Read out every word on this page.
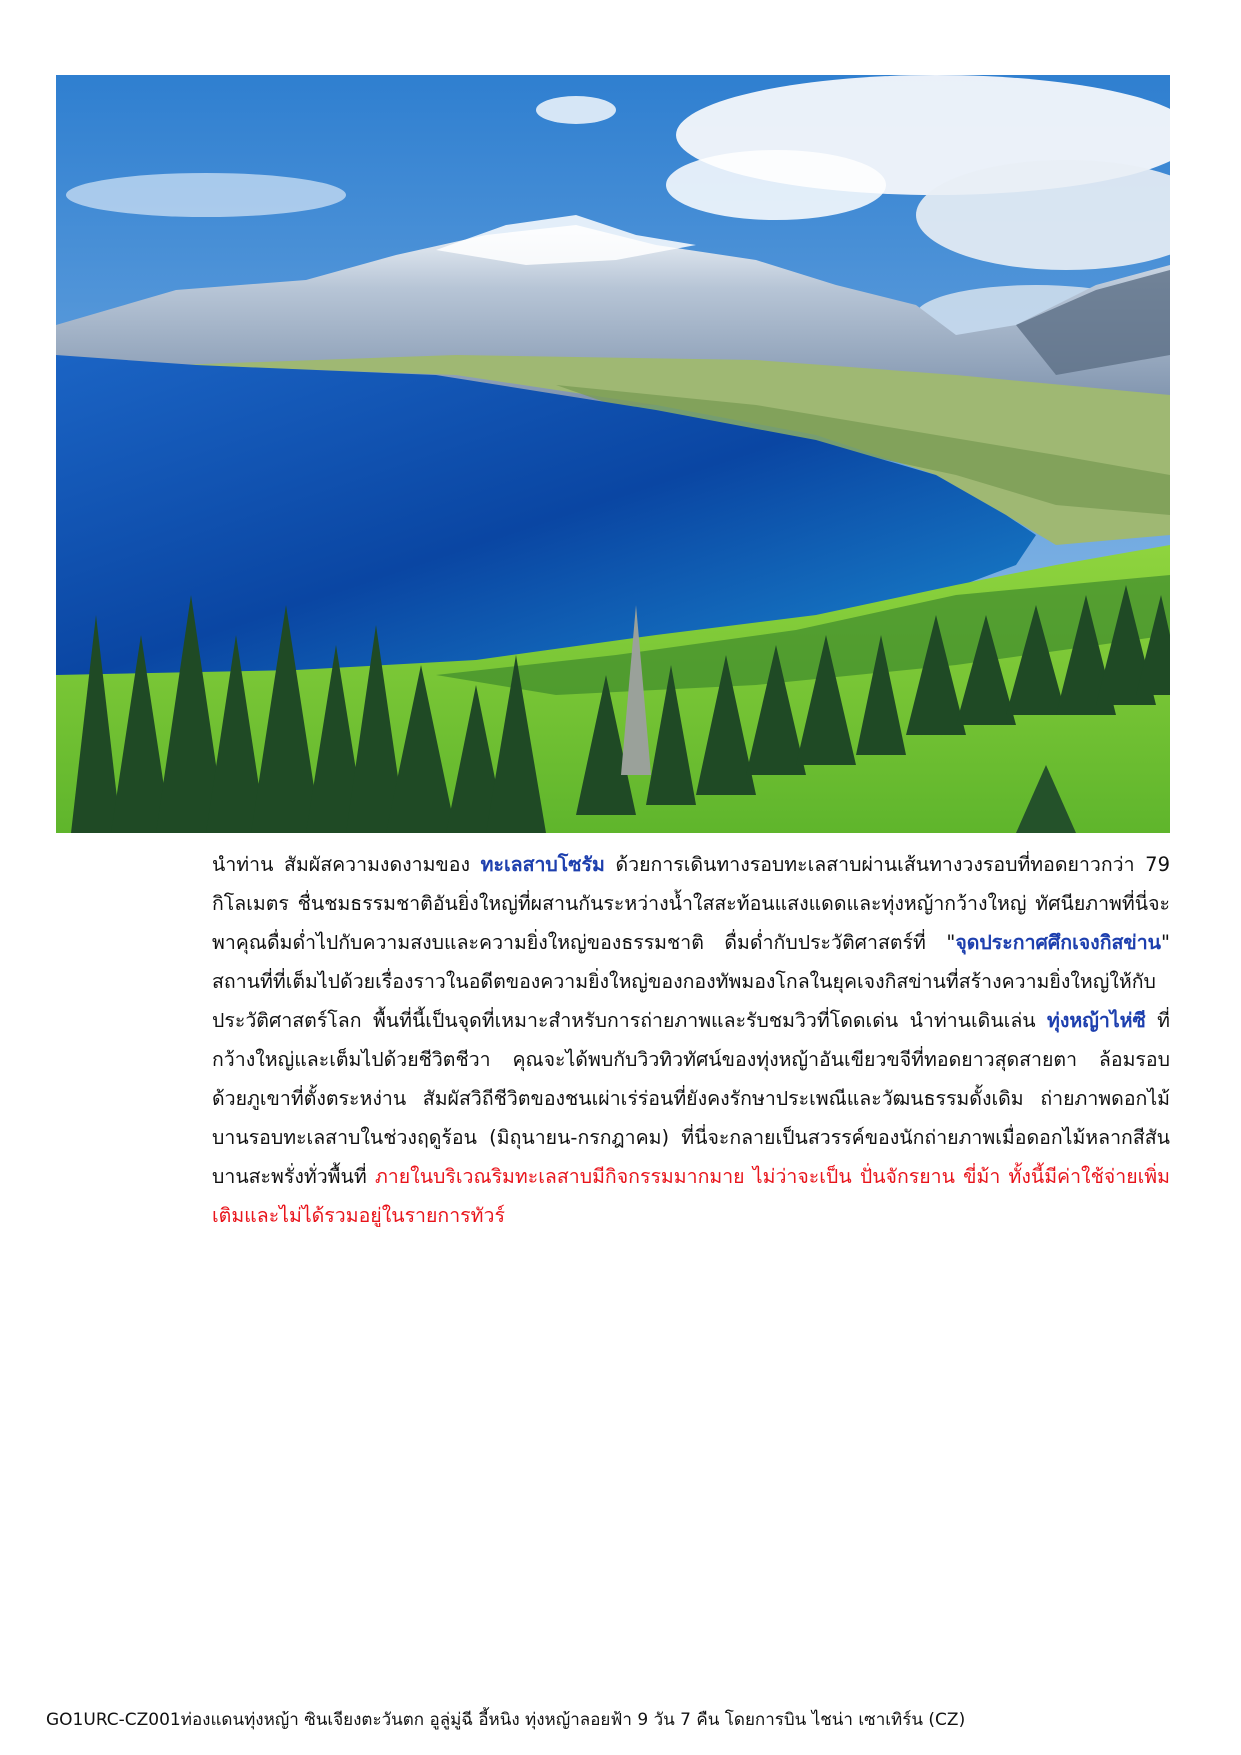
นำท่าน สัมผัสความงดงามของ ทะเลสาบโซรัม ด้วยการเดินทางรอบทะเลสาบผ่านเส้นทางวงรอบที่ทอดยาวกว่า 79 กิโลเมตร ชื่นชมธรรมชาติอันยิ่งใหญ่ที่ผสานกันระหว่างน้ำใสสะท้อนแสงแดดและทุ่งหญ้ากว้างใหญ่ ทัศนียภาพที่นี่จะพาคุณดื่มด่ำไปกับความสงบและความยิ่งใหญ่ของธรรมชาติ ดื่มด่ำกับประวัติศาสตร์ที่ "จุดประกาศศึกเจงกิสข่าน" สถานที่ที่เต็มไปด้วยเรื่องราวในอดีตของความยิ่งใหญ่ของกองทัพมองโกลในยุคเจงกิสข่านที่สร้างความยิ่งใหญ่ให้กับประวัติศาสตร์โลก พื้นที่นี้เป็นจุดที่เหมาะสำหรับการถ่ายภาพและรับชมวิวที่โดดเด่น นำท่านเดินเล่น ทุ่งหญ้าไห่ซี ที่กว้างใหญ่และเต็มไปด้วยชีวิตชีวา คุณจะได้พบกับวิวทิวทัศน์ของทุ่งหญ้าอันเขียวขจีที่ทอดยาวสุดสายตา ล้อมรอบด้วยภูเขาที่ตั้งตระหง่าน สัมผัสวิถีชีวิตของชนเผ่าเร่ร่อนที่ยังคงรักษาประเพณีและวัฒนธรรมดั้งเดิม ถ่ายภาพดอกไม้บานรอบทะเลสาบในช่วงฤดูร้อน (มิถุนายน-กรกฎาคม) ที่นี่จะกลายเป็นสวรรค์ของนักถ่ายภาพเมื่อดอกไม้หลากสีสันบานสะพรั่งทั่วพื้นที่ ภายในบริเวณริมทะเลสาบมีกิจกรรมมากมาย ไม่ว่าจะเป็น ปั่นจักรยาน ขี่ม้า ทั้งนี้มีค่าใช้จ่ายเพิ่มเติมและไม่ได้รวมอยู่ในรายการทัวร์
GO1URC-CZ001ท่องแดนทุ่งหญ้า ซินเจียงตะวันตก อูลู่มู่ฉี อี้หนิง ทุ่งหญ้าลอยฟ้า 9 วัน 7 คืน โดยการบิน ไชน่า เซาเทิร์น (CZ)
